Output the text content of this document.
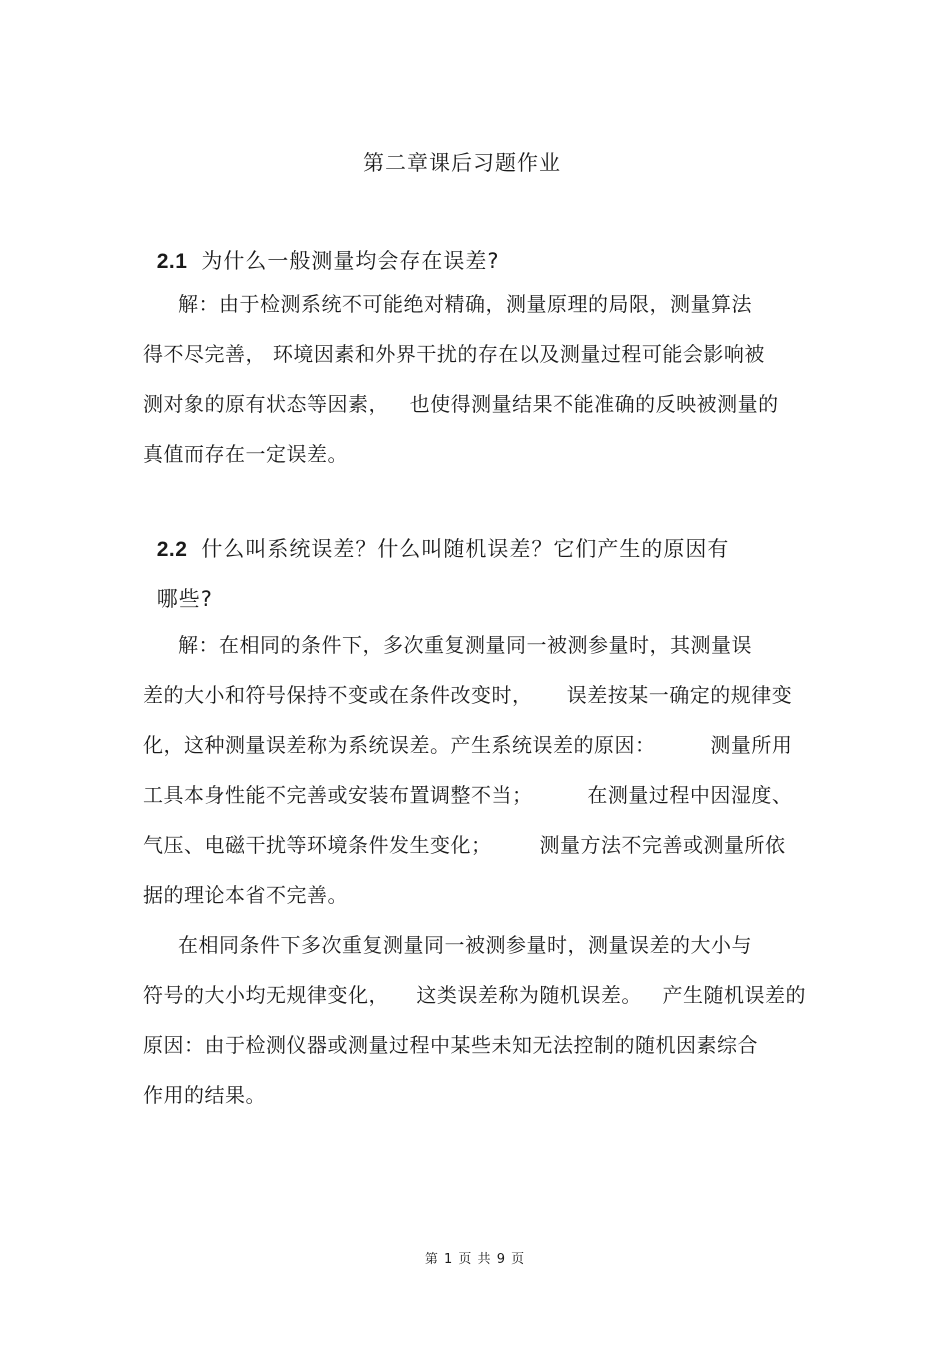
第二章课后习题作业

2.1 为什么一般测量均会存在误差?

解：由于检测系统不可能绝对精确，测量原理的局限，测量算法
得不尽完善， 环境因素和外界干扰的存在以及测量过程可能会影响被
测对象的原有状态等因素，   也使得测量结果不能准确的反映被测量的
真值而存在一定误差。

2.2 什么叫系统误差？什么叫随机误差？它们产生的原因有

哪些?

解：在相同的条件下，多次重复测量同一被测参量时，其测量误
差的大小和符号保持不变或在条件改变时，     误差按某一确定的规律变
化，这种测量误差称为系统误差。产生系统误差的原因：        测量所用
工具本身性能不完善或安装布置调整不当；        在测量过程中因湿度、
气压、电磁干扰等环境条件发生变化；       测量方法不完善或测量所依
据的理论本省不完善。
在相同条件下多次重复测量同一被测参量时，测量误差的大小与
符号的大小均无规律变化，    这类误差称为随机误差。   产生随机误差的
原因：由于检测仪器或测量过程中某些未知无法控制的随机因素综合
作用的结果。
第 1 页 共 9 页
